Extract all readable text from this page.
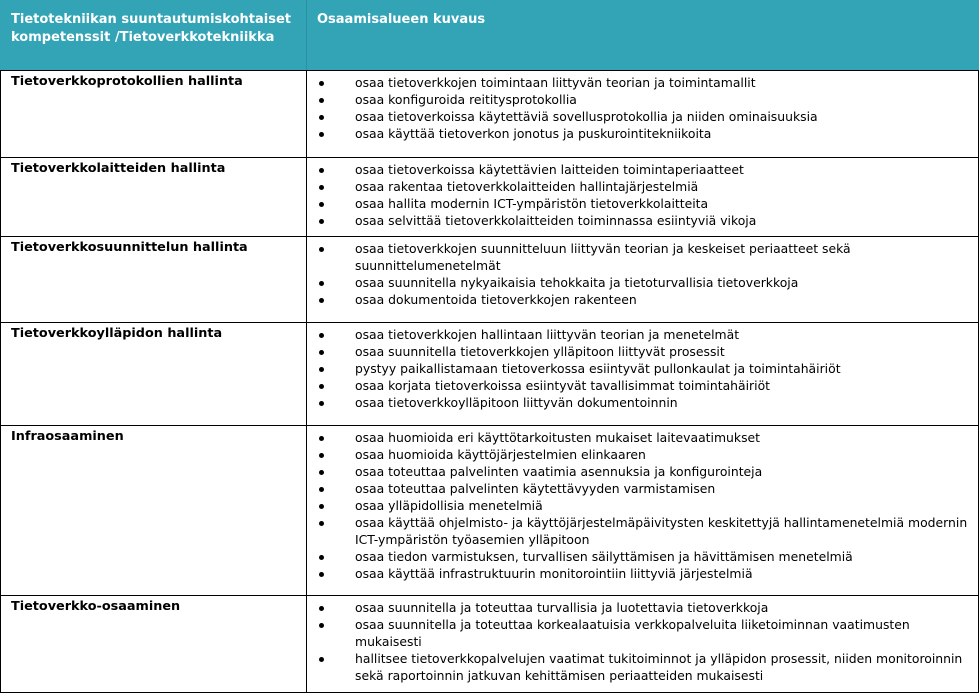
Tietotekniikan suuntautumiskohtaiset kompetenssit /Tietoverkkotekniikka	Osaamisalueen kuvaus
Tietoverkkoprotokollien hallinta	osaa tietoverkkojen toimintaan liittyvän teorian ja toimintamallit
osaa konfiguroida reititysprotokollia
osaa tietoverkoissa käytettäviä sovellusprotokollia ja niiden ominaisuuksia
osaa käyttää tietoverkon jonotus ja puskurointitekniikoita

Tietoverkkolaitteiden hallinta	osaa tietoverkoissa käytettävien laitteiden toimintaperiaatteet
osaa rakentaa tietoverkkolaitteiden hallintajärjestelmiä
osaa hallita modernin ICT-ympäristön tietoverkkolaitteita
osaa selvittää tietoverkkolaitteiden toiminnassa esiintyviä vikoja

Tietoverkkosuunnittelun hallinta	osaa tietoverkkojen suunnitteluun liittyvän teorian ja keskeiset periaatteet sekä suunnittelumenetelmät
osaa suunnitella nykyaikaisia tehokkaita ja tietoturvallisia tietoverkkoja
osaa dokumentoida tietoverkkojen rakenteen

Tietoverkkoylläpidon hallinta	osaa tietoverkkojen hallintaan liittyvän teorian ja menetelmät
osaa suunnitella tietoverkkojen ylläpitoon liittyvät prosessit
pystyy paikallistamaan tietoverkossa esiintyvät pullonkaulat ja toimintahäiriöt
osaa korjata tietoverkoissa esiintyvät tavallisimmat toimintahäiriöt
osaa tietoverkkoylläpitoon liittyvän dokumentoinnin

Infraosaaminen	osaa huomioida eri käyttötarkoitusten mukaiset laitevaatimukset
osaa huomioida käyttöjärjestelmien elinkaaren
osaa toteuttaa palvelinten vaatimia asennuksia ja konfigurointeja
osaa toteuttaa palvelinten käytettävyyden varmistamisen
osaa ylläpidollisia menetelmiä
osaa käyttää ohjelmisto- ja käyttöjärjestelmäpäivitysten keskitettyjä hallintamenetelmiä modernin ICT-ympäristön työasemien ylläpitoon
osaa tiedon varmistuksen, turvallisen säilyttämisen ja hävittämisen menetelmiä
osaa käyttää infrastruktuurin monitorointiin liittyviä järjestelmiä

Tietoverkko-osaaminen	osaa suunnitella ja toteuttaa turvallisia ja luotettavia tietoverkkoja
osaa suunnitella ja toteuttaa korkealaatuisia verkkopalveluita liiketoiminnan vaatimusten mukaisesti
hallitsee tietoverkkopalvelujen vaatimat tukitoiminnot ja ylläpidon prosessit, niiden monitoroinnin sekä raportoinnin jatkuvan kehittämisen periaatteiden mukaisesti
